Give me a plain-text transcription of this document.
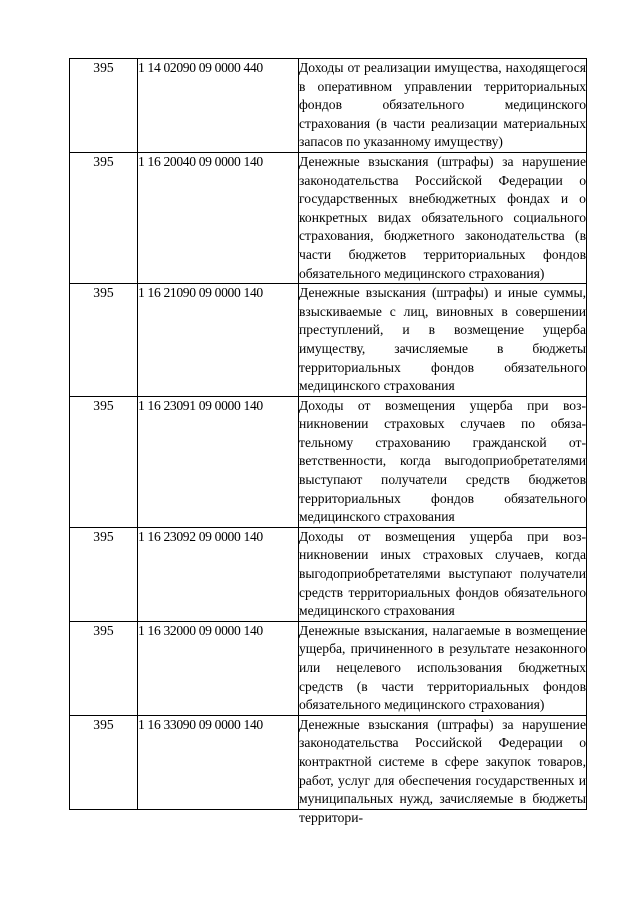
395	1 14 02090 09 0000 440	Доходы от реализации имущества, находящегося в оперативном управлении территориальных фондов обязательного медицинского страхования (в части реализации материальных запасов по указанному имуществу)

395	1 16 20040 09 0000 140	Денежные взыскания (штрафы) за нарушение законодательства Российской Федерации о государственных внебюджетных фондах и о конкретных видах обязательного социального страхования, бюджетного законодательства (в части бюджетов территориальных фондов обязательного медицинского страхования)

395	1 16 21090 09 0000 140	Денежные взыскания (штрафы) и иные суммы, взыскиваемые с лиц, виновных в совершении преступлений, и в возмещение ущерба имуществу, зачисляемые в бюджеты территориальных фондов обязательного медицинского страхования

395	1 16 23091 09 0000 140	Доходы от возмещения ущерба при возникновении страховых случаев по обязательному страхованию гражданской ответственности, когда выгодоприобретателями выступают получатели средств бюджетов территориальных фондов обязательного медицинского страхования

395	1 16 23092 09 0000 140	Доходы от возмещения ущерба при возникновении иных страховых случаев, когда выгодоприобретателями выступают получатели средств территориальных фондов обязательного медицинского страхования

395	1 16 32000 09 0000 140	Денежные взыскания, налагаемые в возмещение ущерба, причиненного в результате незаконного или нецелевого использования бюджетных средств (в части территориальных фондов обязательного медицинского страхования)

395	1 16 33090 09 0000 140	Денежные взыскания (штрафы) за нарушение законодательства Российской Федерации о контрактной системе в сфере закупок товаров, работ, услуг для обеспечения государственных и муниципальных нужд, зачисляемые в бюджеты территори-
